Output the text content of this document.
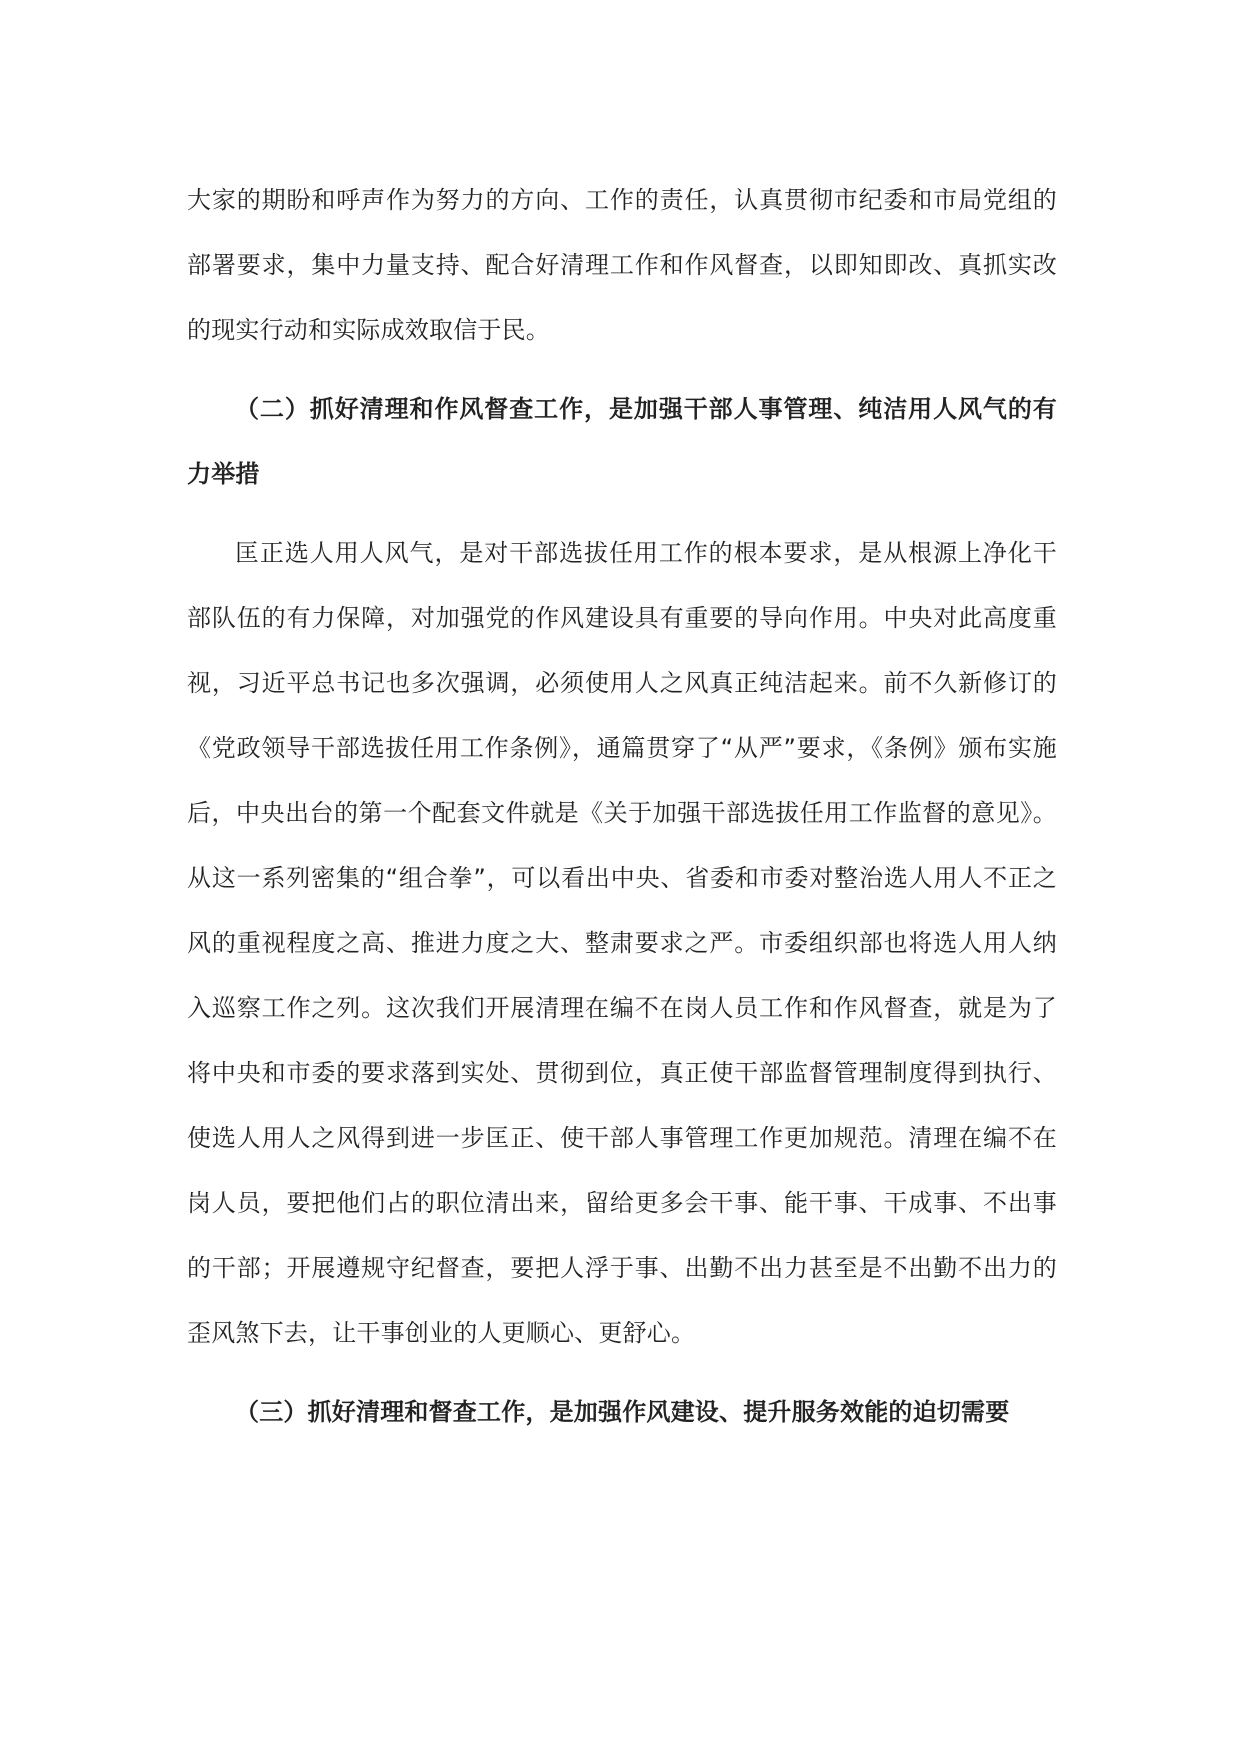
大家的期盼和呼声作为努力的方向、工作的责任，认真贯彻市纪委和市局党组的部署要求，集中力量支持、配合好清理工作和作风督查，以即知即改、真抓实改的现实行动和实际成效取信于民。

（二）抓好清理和作风督查工作，是加强干部人事管理、纯洁用人风气的有力举措

匡正选人用人风气，是对干部选拔任用工作的根本要求，是从根源上净化干部队伍的有力保障，对加强党的作风建设具有重要的导向作用。中央对此高度重视，习近平总书记也多次强调，必须使用人之风真正纯洁起来。前不久新修订的《党政领导干部选拔任用工作条例》，通篇贯穿了“从严”要求，《条例》颁布实施后，中央出台的第一个配套文件就是《关于加强干部选拔任用工作监督的意见》。从这一系列密集的“组合拳”，可以看出中央、省委和市委对整治选人用人不正之风的重视程度之高、推进力度之大、整肃要求之严。市委组织部也将选人用人纳入巡察工作之列。这次我们开展清理在编不在岗人员工作和作风督查，就是为了将中央和市委的要求落到实处、贯彻到位，真正使干部监督管理制度得到执行、使选人用人之风得到进一步匡正、使干部人事管理工作更加规范。清理在编不在岗人员，要把他们占的职位清出来，留给更多会干事、能干事、干成事、不出事的干部；开展遵规守纪督查，要把人浮于事、出勤不出力甚至是不出勤不出力的歪风煞下去，让干事创业的人更顺心、更舒心。

（三）抓好清理和督查工作，是加强作风建设、提升服务效能的迫切需要
